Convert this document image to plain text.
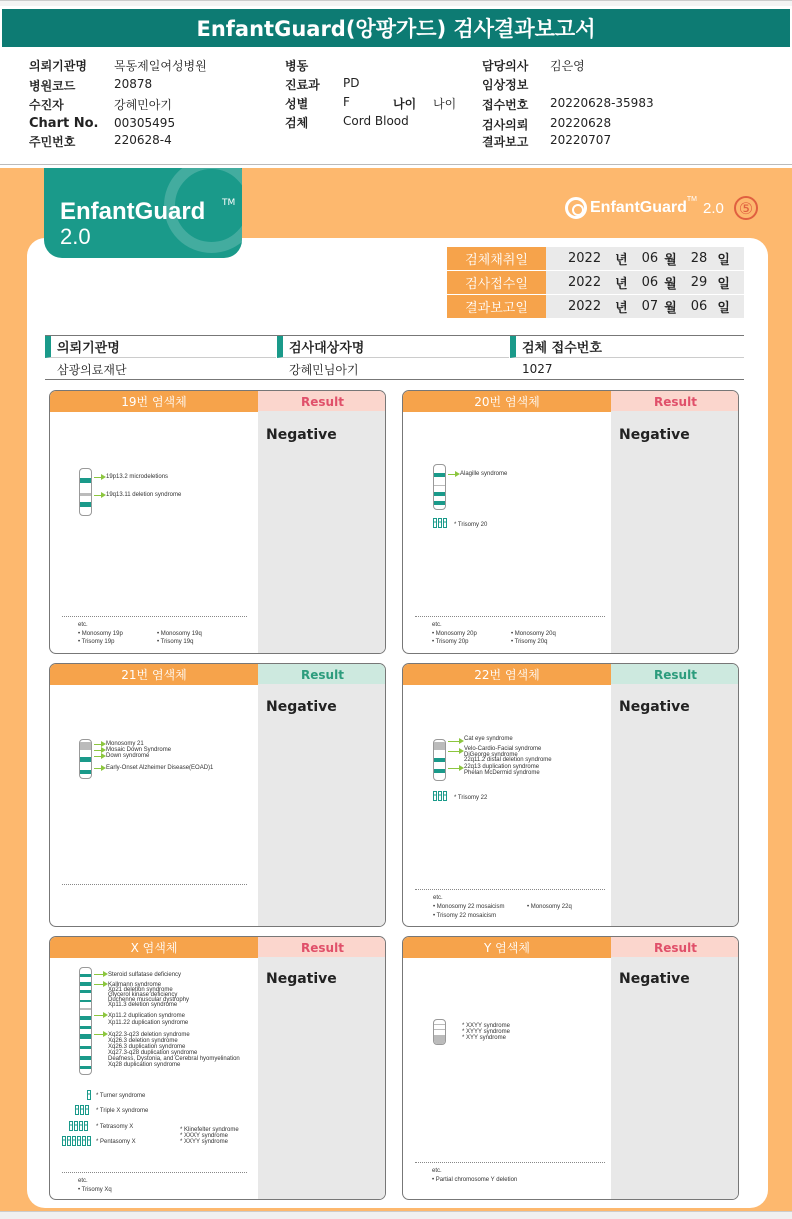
EnfantGuard(앙팡가드) 검사결과보고서
의뢰기관명 목동제일여성병원
병원코드	20878
수진자	강혜민아기
Chart No. 00305495
주민번호	220628-4
병동
진료과 PD
성별	F	나이 나이
검체	Cord Blood
담당의사 김은영
임상정보
접수번호 20220628-35983
검사의뢰 20220628
결과보고 20220707
EnfantGuard TM
2.0
EnfantGuard TM 2.0 ⑤
검체채취일	2022 년 06 월 28 일
검사접수일	2022 년 06 월 29 일
결과보고일	2022 년 07 월 06 일
의뢰기관명
삼광의료재단
검사대상자명
강혜민님아기
검체 접수번호
1027
19번 염색체	Result
Negative
19p13.2 microdeletions
19q13.11 deletion syndrome
etc.
• Monosomy 19p
• Trisomy 19p
• Monosomy 19q
• Trisomy 19q
20번 염색체	Result
Negative
Alagille syndrome
* Trisomy 20
etc.
• Monosomy 20p
• Trisomy 20p
• Monosomy 20q
• Trisomy 20q
21번 염색체	Result
Negative
Monosomy 21
Mosaic Down Syndrome
Down syndrome
Early-Onset Alzheimer Disease(EOAD)1
22번 염색체	Result
Negative
Cat eye syndrome
Velo-Cardio-Facial syndrome
DiGeorge syndrome
22q11.2 distal deletion syndrome
22q13 duplication syndrome
Phelan McDermid syndrome
* Trisomy 22
etc.
• Monosomy 22 mosaicism
• Trisomy 22 mosaicism
• Monosomy 22q
X 염색체	Result
Negative
Steroid sulfatase deficiency
Kallmann syndrome
Xp21 deletion syndrome
Glycerol kinase deficiency
Duchenne muscular dystrophy
Xp11.3 deletion syndrome
Xp11.2 duplication syndrome
Xp11.22 duplication syndrome
Xq22.3-q23 deletion syndrome
Xq26.3 deletion syndrome
Xq26.3 duplication syndrome
Xq27.3-q28 duplication syndrome
Deafness, Dystonia, and Cerebral hyomyelination
Xq28 duplication syndrome
* Turner syndrome
* Triple X syndrome
* Tetrasomy X
* Pentasomy X
* Klinefelter syndrome
* XXXY syndrome
* XXYY syndrome
etc.
• Trisomy Xq
Y 염색체	Result
Negative
* XXYY syndrome
* XYYY syndrome
* XYY syndrome
etc.
• Partial chromosome Y deletion
